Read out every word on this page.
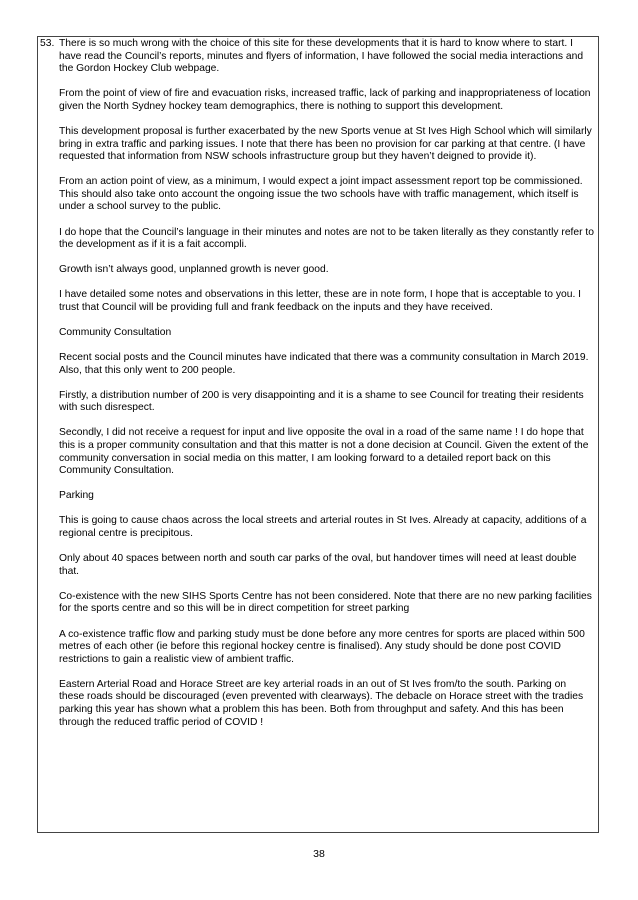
53. There is so much wrong with the choice of this site for these developments that it is hard to know where to start. I have read the Council’s reports, minutes and flyers of information, I have followed the social media interactions and the Gordon Hockey Club webpage.

From the point of view of fire and evacuation risks, increased traffic, lack of parking and inappropriateness of location given the North Sydney hockey team demographics, there is nothing to support this development.

This development proposal is further exacerbated by the new Sports venue at St Ives High School which will similarly bring in extra traffic and parking issues. I note that there has been no provision for car parking at that centre. (I have requested that information from NSW schools infrastructure group but they haven’t deigned to provide it).

From an action point of view, as a minimum, I would expect a joint impact assessment report top be commissioned. This should also take onto account the ongoing issue the two schools have with traffic management, which itself is under a school survey to the public.

I do hope that the Council’s language in their minutes and notes are not to be taken literally as they constantly refer to the development as if it is a fait accompli.

Growth isn’t always good, unplanned growth is never good.

I have detailed some notes and observations in this letter, these are in note form, I hope that is acceptable to you. I trust that Council will be providing full and frank feedback on the inputs and they have received.

Community Consultation

Recent social posts and the Council minutes have indicated that there was a community consultation in March 2019. Also, that this only went to 200 people.

Firstly, a distribution number of 200 is very disappointing and it is a shame to see Council for treating their residents with such disrespect.

Secondly, I did not receive a request for input and live opposite the oval in a road of the same name ! I do hope that this is a proper community consultation and that this matter is not a done decision at Council. Given the extent of the community conversation in social media on this matter, I am looking forward to a detailed report back on this Community Consultation.

Parking

This is going to cause chaos across the local streets and arterial routes in St Ives. Already at capacity, additions of a regional centre is precipitous.

Only about 40 spaces between north and south car parks of the oval, but handover times will need at least double that.

Co-existence with the new SIHS Sports Centre has not been considered. Note that there are no new parking facilities for the sports centre and so this will be in direct competition for street parking

A co-existence traffic flow and parking study must be done before any more centres for sports are placed within 500 metres of each other (ie before this regional hockey centre is finalised). Any study should be done post COVID restrictions to gain a realistic view of ambient traffic.

Eastern Arterial Road and Horace Street are key arterial roads in an out of St Ives from/to the south. Parking on these roads should be discouraged (even prevented with clearways). The debacle on Horace street with the tradies parking this year has shown what a problem this has been. Both from throughput and safety. And this has been through the reduced traffic period of COVID !

38
